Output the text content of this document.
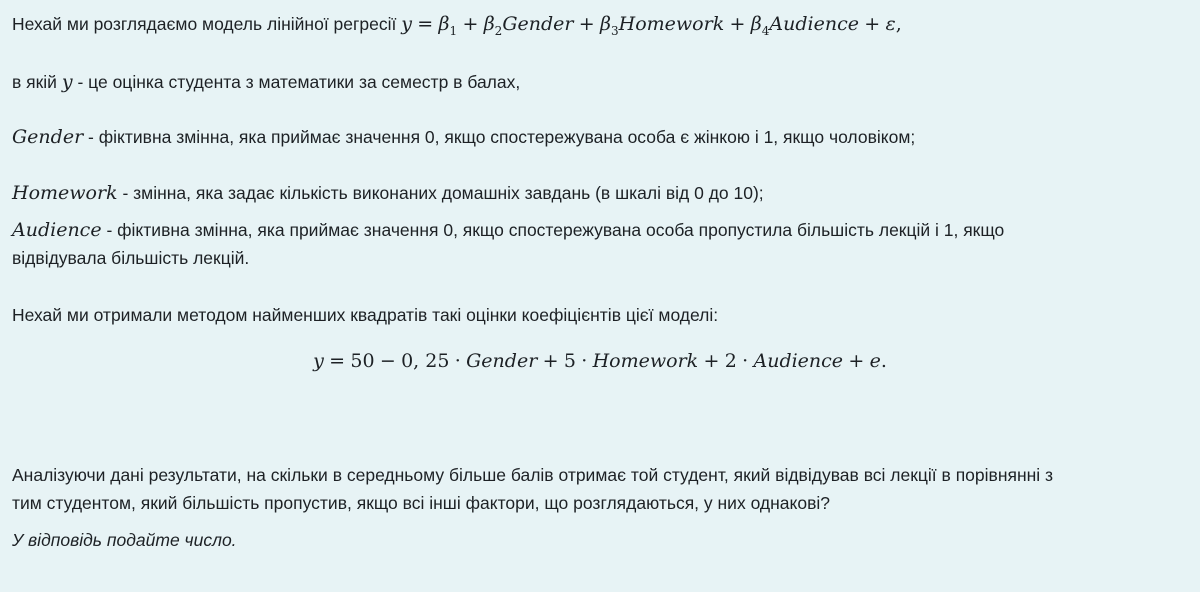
Нехай ми розглядаємо модель лінійної регресії $y = \beta_1$ + $\beta_2Gender$ + $\beta_3Homework$ + $\beta_4Audience + \varepsilon$,
в якій y - це оцінка студента з математики за семестр в балах,
Gender - фіктивна змінна, яка приймає значення 0, якщо спостережувана особа є жінкою і 1, якщо чоловіком;
Homework - змінна, яка задає кількість виконаних домашніх завдань (в шкалі від 0 до 10);
Audience - фіктивна змінна, яка приймає значення 0, якщо спостережувана особа пропустила більшість лекцій і 1, якщо
відвідувала більшість лекцій.
Нехай ми отримали методом найменших квадратів такі оцінки коефіцієнтів цієї моделі:
y = 50 − 0, 25 · Gender + 5 · Homework + 2 · Audience + e.
Аналізуючи дані результати, на скільки в середньому більше балів отримає той студент, який відвідував всі лекції в порівнянні з
тим студентом, який більшість пропустив, якщо всі інші фактори, що розглядаються, у них однакові?
У відповідь подайте число.
